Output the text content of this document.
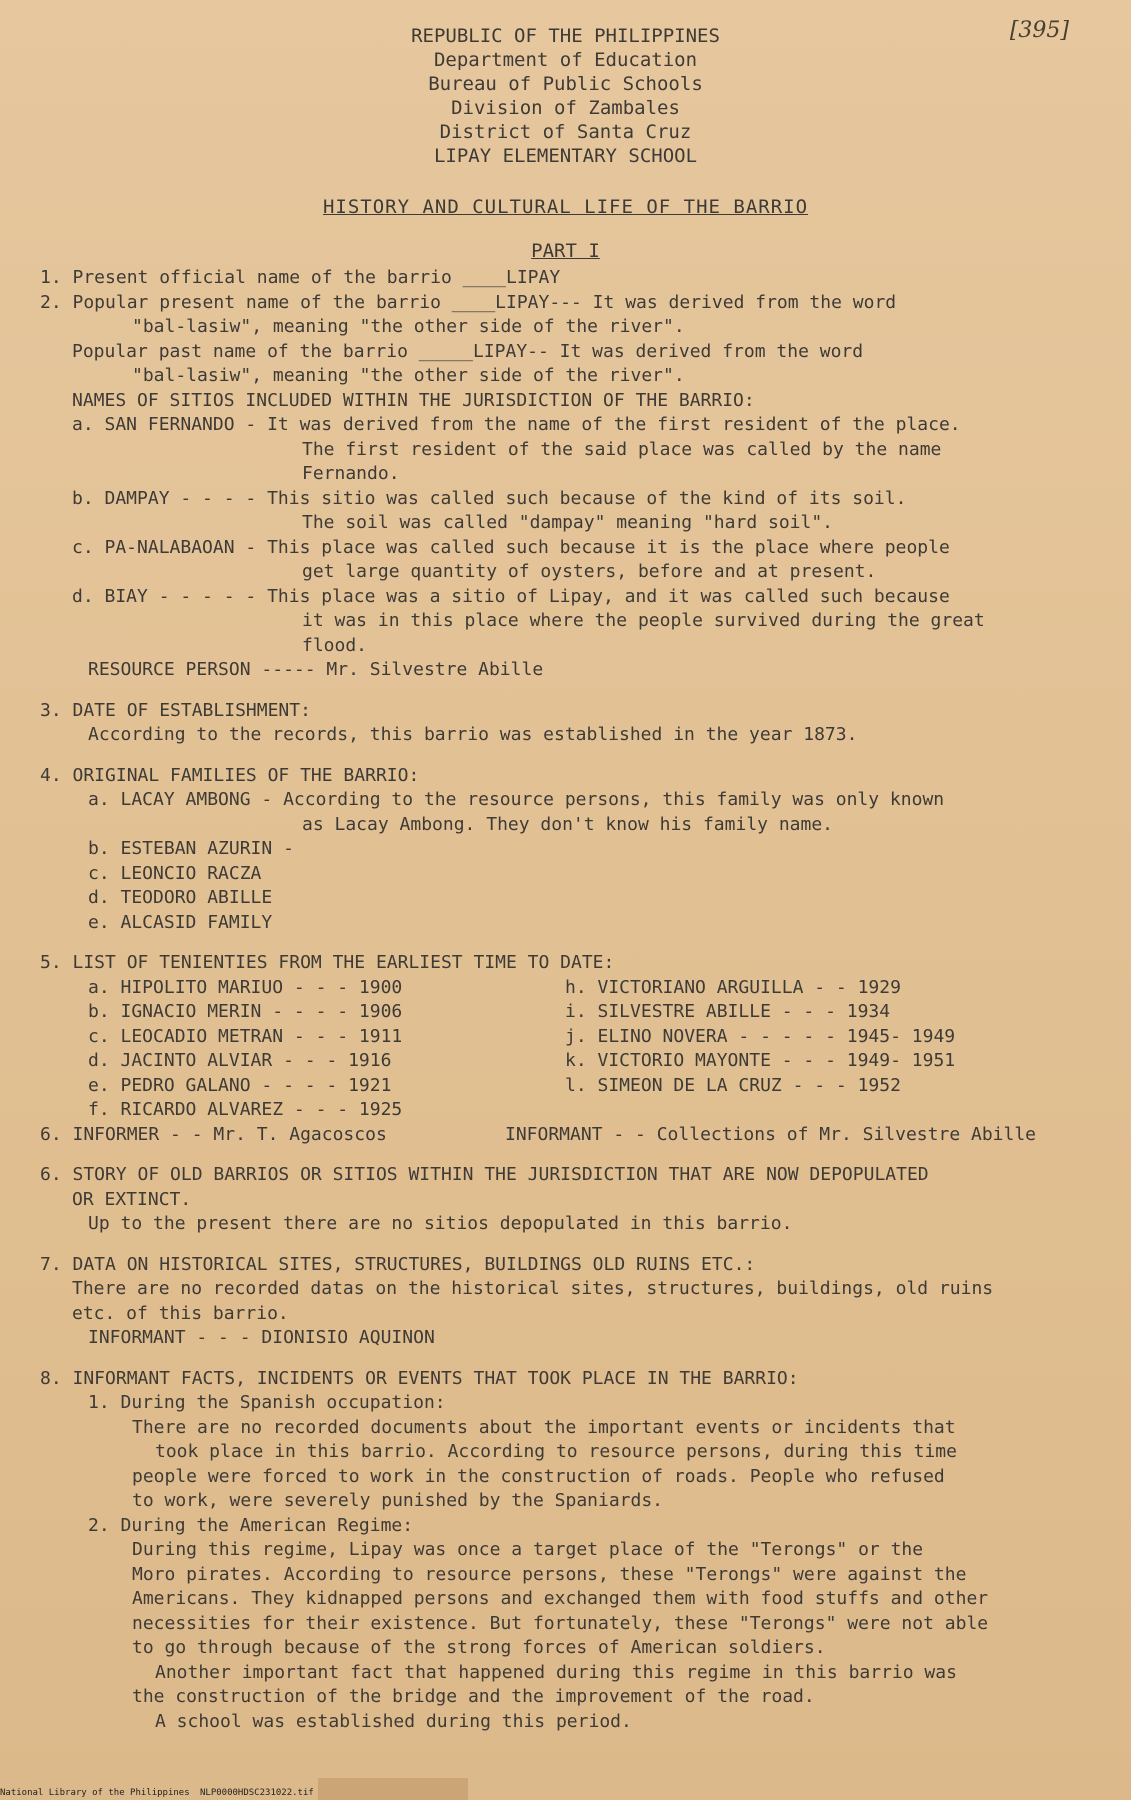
[395]
REPUBLIC OF THE PHILIPPINES
Department of Education
Bureau of Public Schools
Division of Zambales
District of Santa Cruz
LIPAY ELEMENTARY SCHOOL
HISTORY AND CULTURAL LIFE OF THE BARRIO
PART I
1. Present official name of the barrio ____LIPAY
2. Popular present name of the barrio ____LIPAY--- It was derived from the word
"bal-lasiw", meaning "the other side of the river".
Popular past name of the barrio _____LIPAY-- It was derived from the word
"bal-lasiw", meaning "the other side of the river".
NAMES OF SITIOS INCLUDED WITHIN THE JURISDICTION OF THE BARRIO:
a. SAN FERNANDO - It was derived from the name of the first resident of the place.
The first resident of the said place was called by the name
Fernando.
b. DAMPAY - - - - This sitio was called such because of the kind of its soil.
The soil was called "dampay" meaning "hard soil".
c. PA-NALABAOAN - This place was called such because it is the place where people
get large quantity of oysters, before and at present.
d. BIAY - - - - - This place was a sitio of Lipay, and it was called such because
it was in this place where the people survived during the great
flood.
RESOURCE PERSON ----- Mr. Silvestre Abille
3. DATE OF ESTABLISHMENT:
According to the records, this barrio was established in the year 1873.
4. ORIGINAL FAMILIES OF THE BARRIO:
a. LACAY AMBONG - According to the resource persons, this family was only known
as Lacay Ambong. They don't know his family name.
b. ESTEBAN AZURIN -
c. LEONCIO RACZA
d. TEODORO ABILLE
e. ALCASID FAMILY
5. LIST OF TENIENTIES FROM THE EARLIEST TIME TO DATE:
a. HIPOLITO MARIUO - - - 1900	h. VICTORIANO ARGUILLA - - 1929
b. IGNACIO MERIN - - - - 1906	i. SILVESTRE ABILLE - - - 1934
c. LEOCADIO METRAN - - - 1911	j. ELINO NOVERA - - - - - 1945- 1949
d. JACINTO ALVIAR - - - 1916	k. VICTORIO MAYONTE - - - 1949- 1951
e. PEDRO GALANO - - - - 1921	l. SIMEON DE LA CRUZ - - - 1952
f. RICARDO ALVAREZ - - - 1925
6. INFORMER - - Mr. T. Agacoscos	INFORMANT - - Collections of Mr. Silvestre Abille
6. STORY OF OLD BARRIOS OR SITIOS WITHIN THE JURISDICTION THAT ARE NOW DEPOPULATED
OR EXTINCT.
Up to the present there are no sitios depopulated in this barrio.
7. DATA ON HISTORICAL SITES, STRUCTURES, BUILDINGS OLD RUINS ETC.:
There are no recorded datas on the historical sites, structures, buildings, old ruins
etc. of this barrio.
INFORMANT - - - DIONISIO AQUINON
8. INFORMANT FACTS, INCIDENTS OR EVENTS THAT TOOK PLACE IN THE BARRIO:
1. During the Spanish occupation:
There are no recorded documents about the important events or incidents that
took place in this barrio. According to resource persons, during this time
people were forced to work in the construction of roads. People who refused
to work, were severely punished by the Spaniards.
2. During the American Regime:
During this regime, Lipay was once a target place of the "Terongs" or the
Moro pirates. According to resource persons, these "Terongs" were against the
Americans. They kidnapped persons and exchanged them with food stuffs and other
necessities for their existence. But fortunately, these "Terongs" were not able
to go through because of the strong forces of American soldiers.
Another important fact that happened during this regime in this barrio was
the construction of the bridge and the improvement of the road.
A school was established during this period.
National Library of the Philippines NLP0000HDSC231022.tif
